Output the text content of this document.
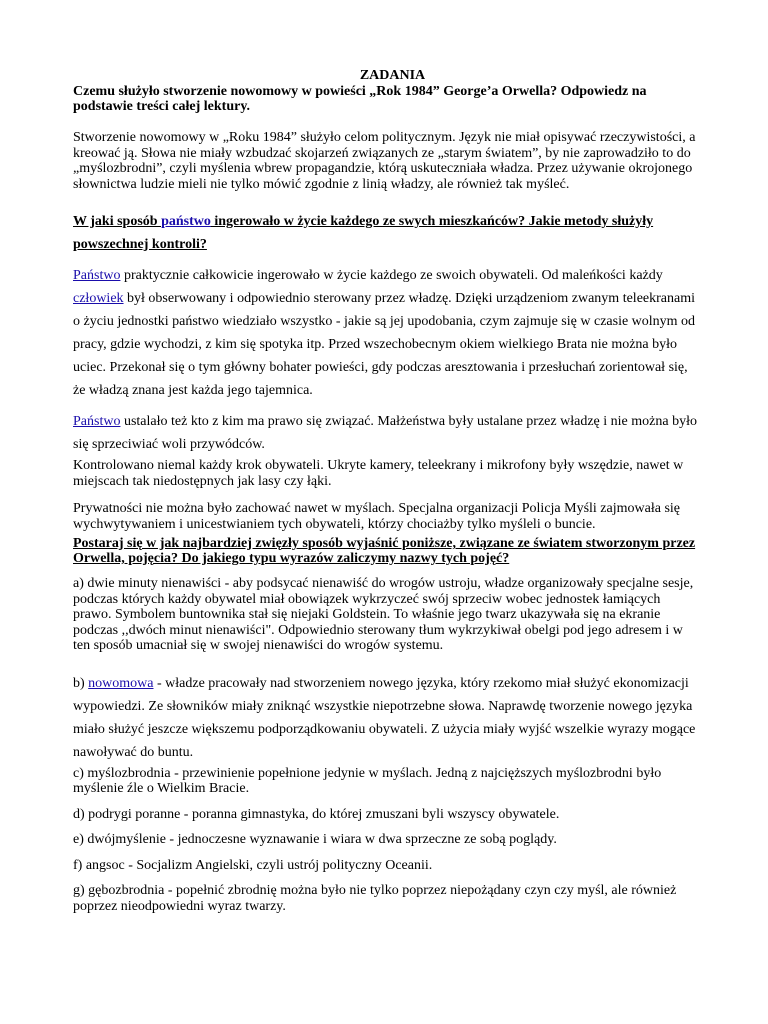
ZADANIA

Czemu służyło stworzenie nowomowy w powieści „Rok 1984” George’a Orwella? Odpowiedz na podstawie treści całej lektury.

Stworzenie nowomowy w „Roku 1984” służyło celom politycznym. Język nie miał opisywać rzeczywistości, a kreować ją. Słowa nie miały wzbudzać skojarzeń związanych ze „starym światem”, by nie zaprowadziło to do „myślozbrodni”, czyli myślenia wbrew propagandzie, którą uskuteczniała władza. Przez używanie okrojonego słownictwa ludzie mieli nie tylko mówić zgodnie z linią władzy, ale również tak myśleć.

W jaki sposób państwo ingerowało w życie każdego ze swych mieszkańców? Jakie metody służyły powszechnej kontroli?

Państwo praktycznie całkowicie ingerowało w życie każdego ze swoich obywateli. Od maleńkości każdy człowiek był obserwowany i odpowiednio sterowany przez władzę. Dzięki urządzeniom zwanym teleekranami o życiu jednostki państwo wiedziało wszystko - jakie są jej upodobania, czym zajmuje się w czasie wolnym od pracy, gdzie wychodzi, z kim się spotyka itp. Przed wszechobecnym okiem wielkiego Brata nie można było uciec. Przekonał się o tym główny bohater powieści, gdy podczas aresztowania i przesłuchań zorientował się, że władzą znana jest każda jego tajemnica.

Państwo ustalało też kto z kim ma prawo się związać. Małżeństwa były ustalane przez władzę i nie można było się sprzeciwiać woli przywódców.

Kontrolowano niemal każdy krok obywateli. Ukryte kamery, teleekrany i mikrofony były wszędzie, nawet w miejscach tak niedostępnych jak lasy czy łąki.

Prywatności nie można było zachować nawet w myślach. Specjalna organizacji Policja Myśli zajmowała się wychwytywaniem i unicestwianiem tych obywateli, którzy chociażby tylko myśleli o buncie.

Postaraj się w jak najbardziej zwięzły sposób wyjaśnić poniższe, związane ze światem stworzonym przez Orwella, pojęcia? Do jakiego typu wyrazów zaliczymy nazwy tych pojęć?

a) dwie minuty nienawiści - aby podsycać nienawiść do wrogów ustroju, władze organizowały specjalne sesje, podczas których każdy obywatel miał obowiązek wykrzyczeć swój sprzeciw wobec jednostek łamiących prawo. Symbolem buntownika stał się niejaki Goldstein. To właśnie jego twarz ukazywała się na ekranie podczas ,,dwóch minut nienawiści". Odpowiednio sterowany tłum wykrzykiwał obelgi pod jego adresem i w ten sposób umacniał się w swojej nienawiści do wrogów systemu.

b) nowomowa - władze pracowały nad stworzeniem nowego języka, który rzekomo miał służyć ekonomizacji wypowiedzi. Ze słowników miały zniknąć wszystkie niepotrzebne słowa. Naprawdę tworzenie nowego języka miało służyć jeszcze większemu podporządkowaniu obywateli. Z użycia miały wyjść wszelkie wyrazy mogące nawoływać do buntu.

c) myślozbrodnia - przewinienie popełnione jedynie w myślach. Jedną z najcięższych myślozbrodni było myślenie źle o Wielkim Bracie.

d) podrygi poranne - poranna gimnastyka, do której zmuszani byli wszyscy obywatele.

e) dwójmyślenie - jednoczesne wyznawanie i wiara w dwa sprzeczne ze sobą poglądy.

f) angsoc - Socjalizm Angielski, czyli ustrój polityczny Oceanii.

g) gębozbrodnia - popełnić zbrodnię można było nie tylko poprzez niepożądany czyn czy myśl, ale również poprzez nieodpowiedni wyraz twarzy.
